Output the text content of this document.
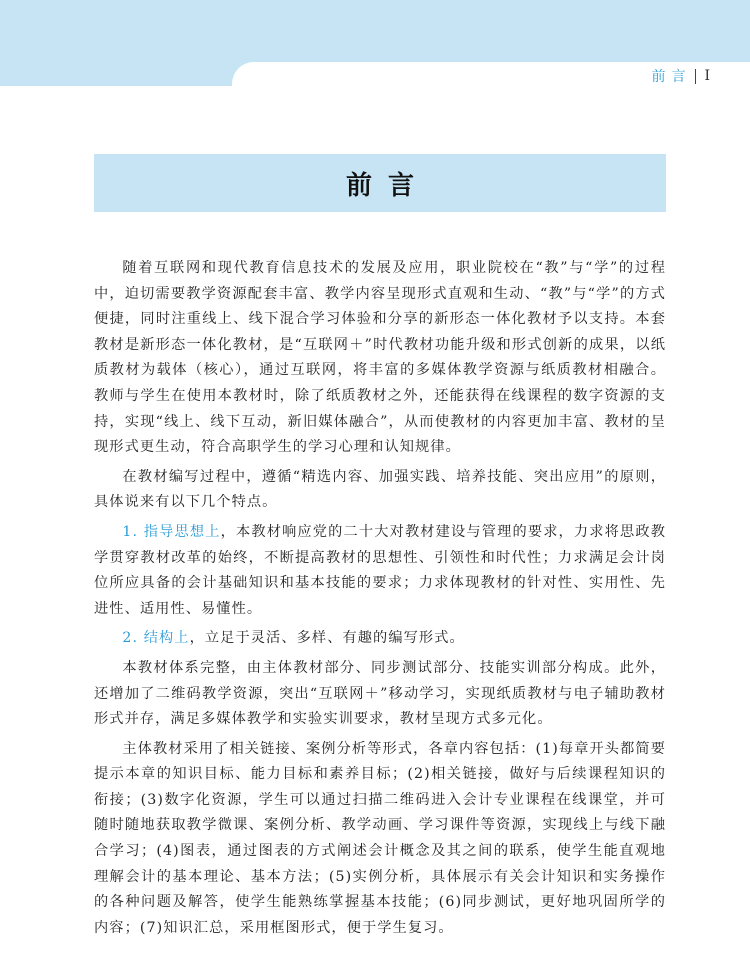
前言 I
前言

随着互联网和现代教育信息技术的发展及应用，职业院校在“教”与“学”的过程中，迫切需要教学资源配套丰富、教学内容呈现形式直观和生动、“教”与“学”的方式便捷，同时注重线上、线下混合学习体验和分享的新形态一体化教材予以支持。本套教材是新形态一体化教材，是“互联网＋”时代教材功能升级和形式创新的成果，以纸质教材为载体（核心），通过互联网，将丰富的多媒体教学资源与纸质教材相融合。教师与学生在使用本教材时，除了纸质教材之外，还能获得在线课程的数字资源的支持，实现“线上、线下互动，新旧媒体融合”，从而使教材的内容更加丰富、教材的呈现形式更生动，符合高职学生的学习心理和认知规律。

在教材编写过程中，遵循“精选内容、加强实践、培养技能、突出应用”的原则，具体说来有以下几个特点。

1. 指导思想上，本教材响应党的二十大对教材建设与管理的要求，力求将思政教学贯穿教材改革的始终，不断提高教材的思想性、引领性和时代性；力求满足会计岗位所应具备的会计基础知识和基本技能的要求；力求体现教材的针对性、实用性、先进性、适用性、易懂性。

2. 结构上，立足于灵活、多样、有趣的编写形式。

本教材体系完整，由主体教材部分、同步测试部分、技能实训部分构成。此外，还增加了二维码教学资源，突出“互联网＋”移动学习，实现纸质教材与电子辅助教材形式并存，满足多媒体教学和实验实训要求，教材呈现方式多元化。

主体教材采用了相关链接、案例分析等形式，各章内容包括：(1)每章开头都简要提示本章的知识目标、能力目标和素养目标；(2)相关链接，做好与后续课程知识的衔接；(3)数字化资源，学生可以通过扫描二维码进入会计专业课程在线课堂，并可随时随地获取教学微课、案例分析、教学动画、学习课件等资源，实现线上与线下融合学习；(4)图表，通过图表的方式阐述会计概念及其之间的联系，使学生能直观地理解会计的基本理论、基本方法；(5)实例分析，具体展示有关会计知识和实务操作的各种问题及解答，使学生能熟练掌握基本技能；(6)同步测试，更好地巩固所学的内容；(7)知识汇总，采用框图形式，便于学生复习。
